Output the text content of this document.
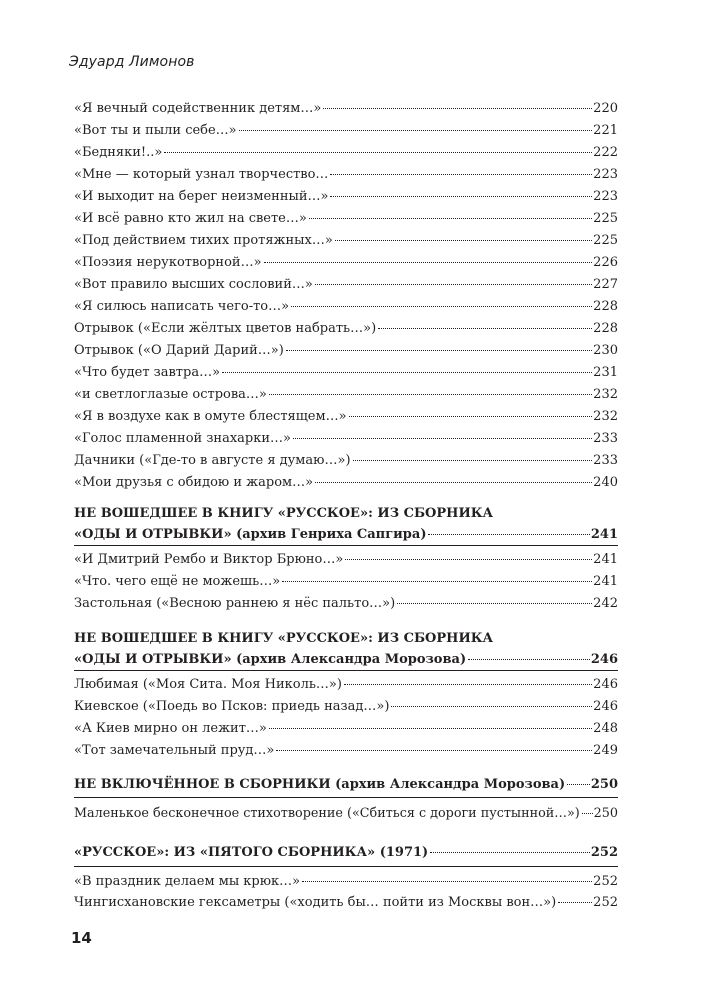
Эдуард Лимонов
«Я вечный содейственник детям…»	220
«Вот ты и пыли себе…»	221
«Бедняки!..»	222
«Мне — который узнал творчество…	223
«И выходит на берег неизменный…»	223
«И всё равно кто жил на свете…»	225
«Под действием тихих протяжных…»	225
«Поэзия нерукотворной…»	226
«Вот правило высших сословий…»	227
«Я силюсь написать чего-то…»	228
Отрывок («Если жёлтых цветов набрать…»)	228
Отрывок («О Дарий Дарий…»)	230
«Что будет завтра…»	231
«и светлоглазые острова…»	232
«Я в воздухе как в омуте блестящем…»	232
«Голос пламенной знахарки…»	233
Дачники («Где-то в августе я думаю…»)	233
«Мои друзья с обидою и жаром…»	240
НЕ ВОШЕДШЕЕ В КНИГУ «РУССКОЕ»: ИЗ СБОРНИКА
«ОДЫ И ОТРЫВКИ» (архив Генриха Сапгира)	241
«И Дмитрий Рембо и Виктор Брюно…»	241
«Что. чего ещё не можешь…»	241
Застольная («Весною раннею я нёс пальто…»)	242
НЕ ВОШЕДШЕЕ В КНИГУ «РУССКОЕ»: ИЗ СБОРНИКА
«ОДЫ И ОТРЫВКИ» (архив Александра Морозова)	246
Любимая («Моя Сита. Моя Николь…»)	246
Киевское («Поедь во Псков: приедь назад…»)	246
«А Киев мирно он лежит…»	248
«Тот замечательный пруд…»	249
НЕ ВКЛЮЧЁННОЕ В СБОРНИКИ (архив Александра Морозова) 250
Маленькое бесконечное стихотворение («Сбиться с дороги пустынной…») 250
«РУССКОЕ»: ИЗ «ПЯТОГО СБОРНИКА» (1971)	252
«В праздник делаем мы крюк…»	252
Чингисхановские гексаметры («ходить бы… пойти из Москвы вон…»)	252
14
